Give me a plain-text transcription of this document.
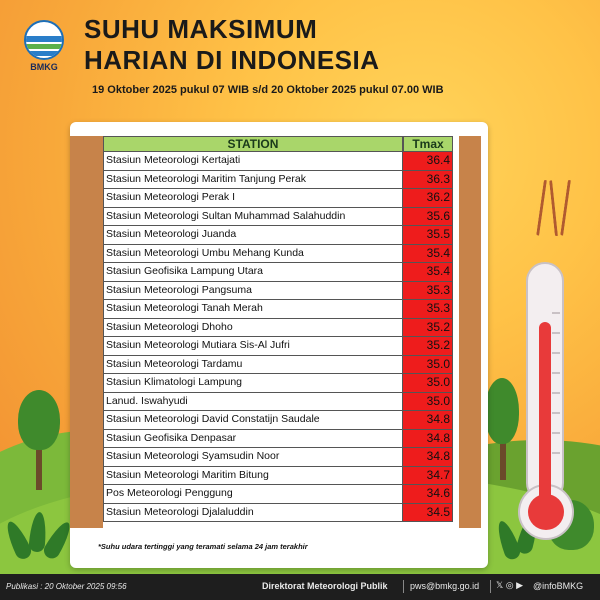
BMKG
SUHU MAKSIMUM
HARIAN DI INDONESIA
19 Oktober 2025 pukul 07 WIB s/d 20 Oktober 2025 pukul 07.00 WIB
STATION	Tmax
Stasiun Meteorologi Kertajati	36.4
Stasiun Meteorologi Maritim Tanjung Perak	36.3
Stasiun Meteorologi Perak I	36.2
Stasiun Meteorologi Sultan Muhammad Salahuddin	35.6
Stasiun Meteorologi Juanda	35.5
Stasiun Meteorologi Umbu Mehang Kunda	35.4
Stasiun Geofisika Lampung Utara	35.4
Stasiun Meteorologi Pangsuma	35.3
Stasiun Meteorologi Tanah Merah	35.3
Stasiun Meteorologi Dhoho	35.2
Stasiun Meteorologi Mutiara Sis-Al Jufri	35.2
Stasiun Meteorologi Tardamu	35.0
Stasiun Klimatologi Lampung	35.0
Lanud. Iswahyudi	35.0
Stasiun Meteorologi David Constatijn Saudale	34.8
Stasiun Geofisika Denpasar	34.8
Stasiun Meteorologi Syamsudin Noor	34.8
Stasiun Meteorologi Maritim Bitung	34.7
Pos Meteorologi Penggung	34.6
Stasiun Meteorologi Djalaluddin	34.5
*Suhu udara tertinggi yang teramati selama 24 jam terakhir
Publikasi : 20 Oktober 2025 09:56	Direktorat Meteorologi Publik pws@bmkg.go.id 𝕏 ◎ ▶ @infoBMKG
